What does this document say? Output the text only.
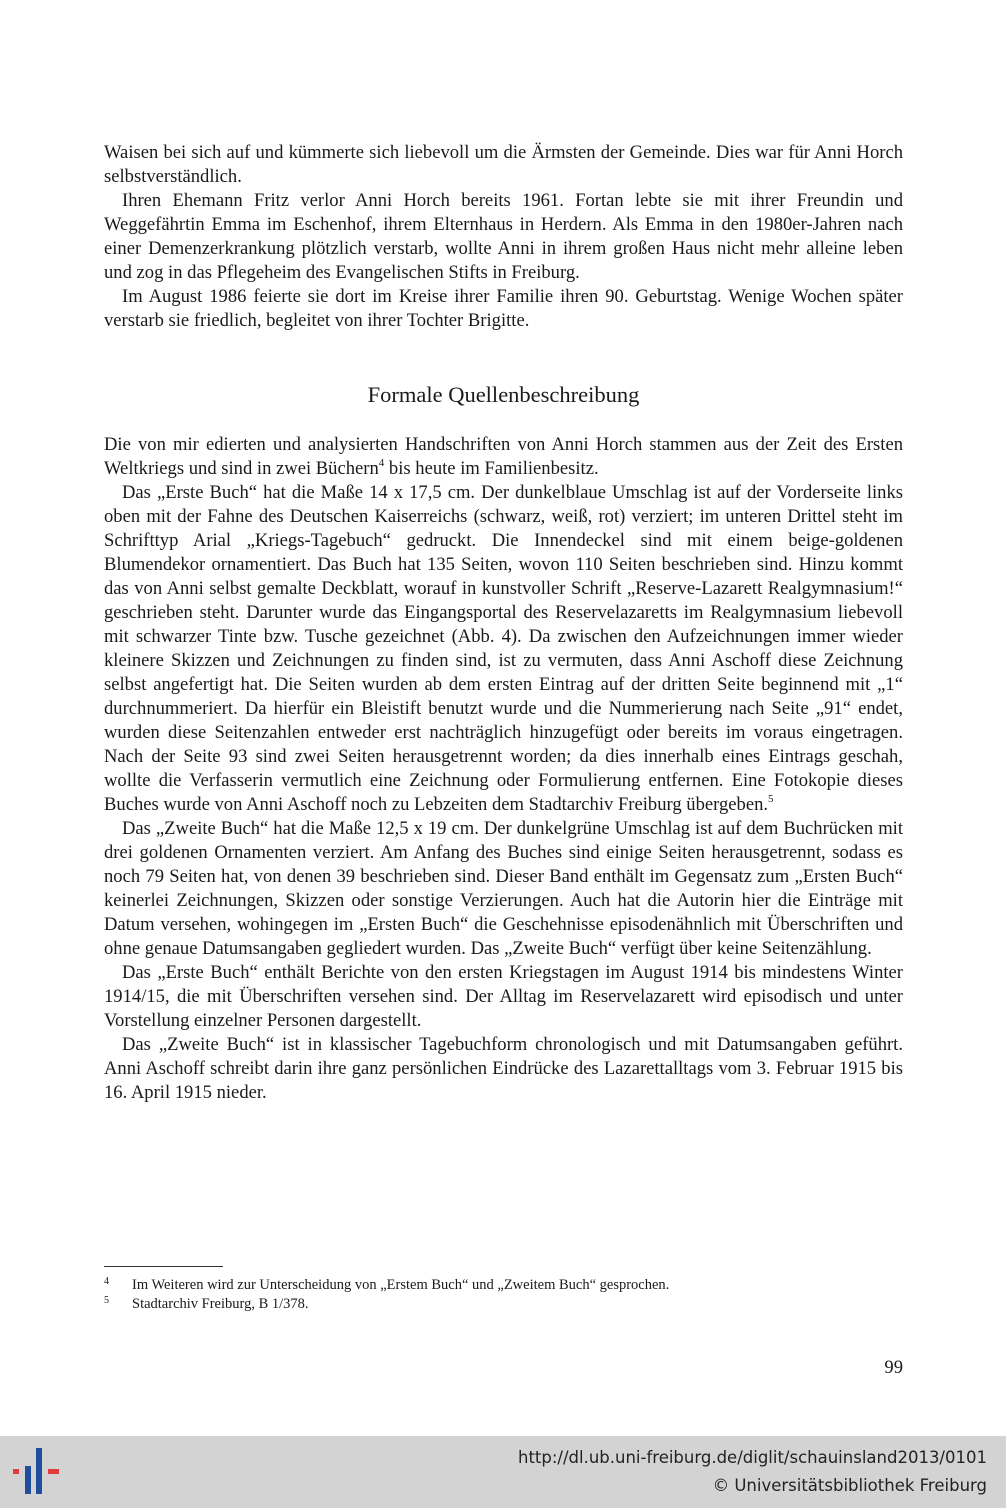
Waisen bei sich auf und kümmerte sich liebevoll um die Ärmsten der Gemeinde. Dies war für Anni Horch selbstverständlich.

Ihren Ehemann Fritz verlor Anni Horch bereits 1961. Fortan lebte sie mit ihrer Freundin und Weggefährtin Emma im Eschenhof, ihrem Elternhaus in Herdern. Als Emma in den 1980er-Jahren nach einer Demenzerkrankung plötzlich verstarb, wollte Anni in ihrem großen Haus nicht mehr alleine leben und zog in das Pflegeheim des Evangelischen Stifts in Freiburg.

Im August 1986 feierte sie dort im Kreise ihrer Familie ihren 90. Geburtstag. Wenige Wochen später verstarb sie friedlich, begleitet von ihrer Tochter Brigitte.

Formale Quellenbeschreibung

Die von mir edierten und analysierten Handschriften von Anni Horch stammen aus der Zeit des Ersten Weltkriegs und sind in zwei Büchern$^4$ bis heute im Familienbesitz.

Das „Erste Buch“ hat die Maße 14 x 17,5 cm. Der dunkelblaue Umschlag ist auf der Vorderseite links oben mit der Fahne des Deutschen Kaiserreichs (schwarz, weiß, rot) verziert; im unteren Drittel steht im Schrifttyp Arial „Kriegs-Tagebuch“ gedruckt. Die Innendeckel sind mit einem beige-goldenen Blumendekor ornamentiert. Das Buch hat 135 Seiten, wovon 110 Seiten beschrieben sind. Hinzu kommt das von Anni selbst gemalte Deckblatt, worauf in kunstvoller Schrift „Reserve-Lazarett Realgymnasium!“ geschrieben steht. Darunter wurde das Eingangsportal des Reservelazaretts im Realgymnasium liebevoll mit schwarzer Tinte bzw. Tusche gezeichnet (Abb. 4). Da zwischen den Aufzeichnungen immer wieder kleinere Skizzen und Zeichnungen zu finden sind, ist zu vermuten, dass Anni Aschoff diese Zeichnung selbst angefertigt hat. Die Seiten wurden ab dem ersten Eintrag auf der dritten Seite beginnend mit „1“ durchnummeriert. Da hierfür ein Bleistift benutzt wurde und die Nummerierung nach Seite „91“ endet, wurden diese Seitenzahlen entweder erst nachträglich hinzugefügt oder bereits im voraus eingetragen. Nach der Seite 93 sind zwei Seiten herausgetrennt worden; da dies innerhalb eines Eintrags geschah, wollte die Verfasserin vermutlich eine Zeichnung oder Formulierung entfernen. Eine Fotokopie dieses Buches wurde von Anni Aschoff noch zu Lebzeiten dem Stadtarchiv Freiburg übergeben.$^5$

Das „Zweite Buch“ hat die Maße 12,5 x 19 cm. Der dunkelgrüne Umschlag ist auf dem Buchrücken mit drei goldenen Ornamenten verziert. Am Anfang des Buches sind einige Seiten herausgetrennt, sodass es noch 79 Seiten hat, von denen 39 beschrieben sind. Dieser Band enthält im Gegensatz zum „Ersten Buch“ keinerlei Zeichnungen, Skizzen oder sonstige Verzierungen. Auch hat die Autorin hier die Einträge mit Datum versehen, wohingegen im „Ersten Buch“ die Geschehnisse episodenähnlich mit Überschriften und ohne genaue Datumsangaben gegliedert wurden. Das „Zweite Buch“ verfügt über keine Seitenzählung.

Das „Erste Buch“ enthält Berichte von den ersten Kriegstagen im August 1914 bis mindestens Winter 1914/15, die mit Überschriften versehen sind. Der Alltag im Reservelazarett wird episodisch und unter Vorstellung einzelner Personen dargestellt.

Das „Zweite Buch“ ist in klassischer Tagebuchform chronologisch und mit Datumsangaben geführt. Anni Aschoff schreibt darin ihre ganz persönlichen Eindrücke des Lazarettalltags vom 3. Februar 1915 bis 16. April 1915 nieder.

4 Im Weiteren wird zur Unterscheidung von „Erstem Buch“ und „Zweitem Buch“ gesprochen.
5 Stadtarchiv Freiburg, B 1/378.
99
http://dl.ub.uni-freiburg.de/diglit/schauinsland2013/0101
© Universitätsbibliothek Freiburg
